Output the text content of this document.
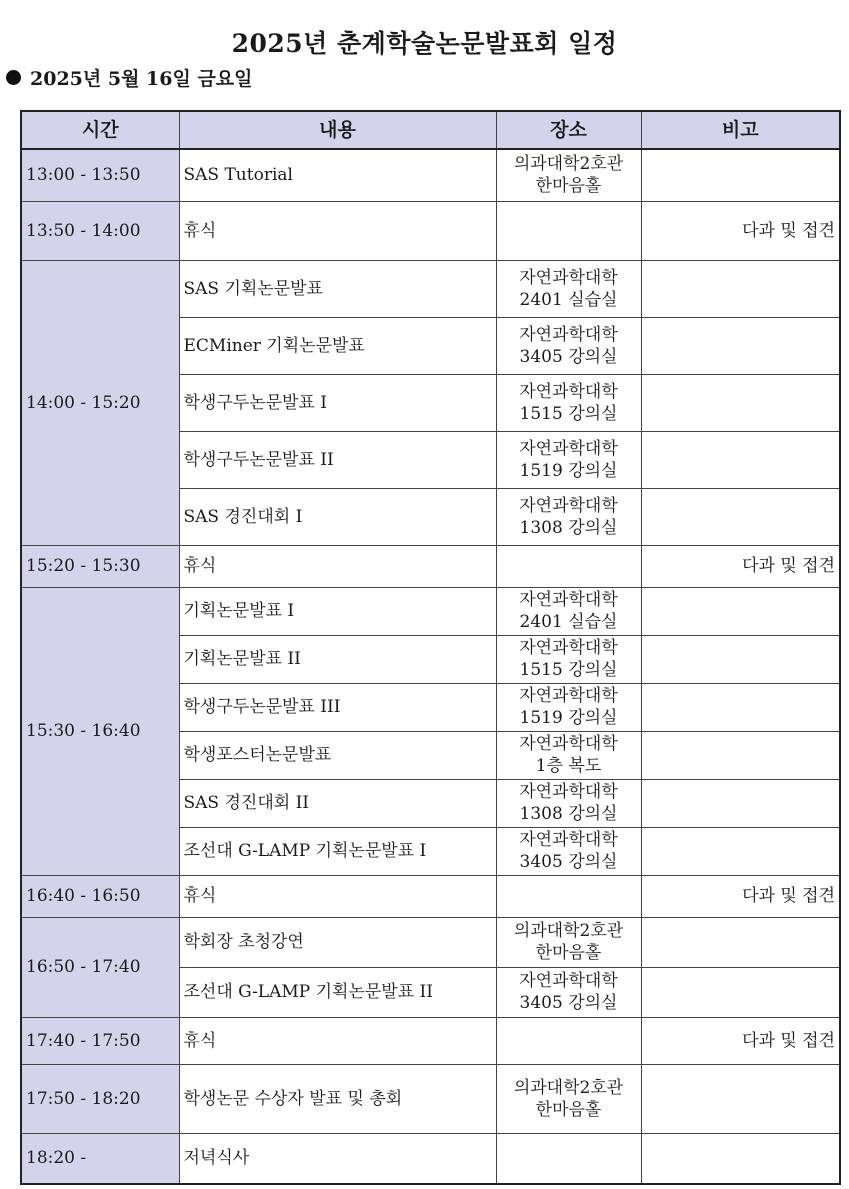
2025년 춘계학술논문발표회 일정
2025년 5월 16일 금요일
시간	내용	장소	비고
13:00 - 13:50	SAS Tutorial	의과대학2호관
한마음홀	

13:50 - 14:00	휴식		다과 및 접견
14:00 - 15:20	SAS 기획논문발표	자연과학대학
2401 실습실	

	ECMiner 기획논문발표	자연과학대학
3405 강의실	

	학생구두논문발표 I	자연과학대학
1515 강의실	

	학생구두논문발표 II	자연과학대학
1519 강의실	

	SAS 경진대회 I	자연과학대학
1308 강의실	

15:20 - 15:30	휴식		다과 및 접견
15:30 - 16:40	기획논문발표 I	자연과학대학
2401 실습실	

	기획논문발표 II	자연과학대학
1515 강의실	

	학생구두논문발표 III	자연과학대학
1519 강의실	

	학생포스터논문발표	자연과학대학
1층 복도	

	SAS 경진대회 II	자연과학대학
1308 강의실	

	조선대 G-LAMP 기획논문발표 I	자연과학대학
3405 강의실	

16:40 - 16:50	휴식		다과 및 접견
16:50 - 17:40	학회장 초청강연	의과대학2호관
한마음홀	

	조선대 G-LAMP 기획논문발표 II	자연과학대학
3405 강의실	

17:40 - 17:50	휴식		다과 및 접견
17:50 - 18:20	학생논문 수상자 발표 및 총회	의과대학2호관
한마음홀	

18:20 -	저녁식사		
